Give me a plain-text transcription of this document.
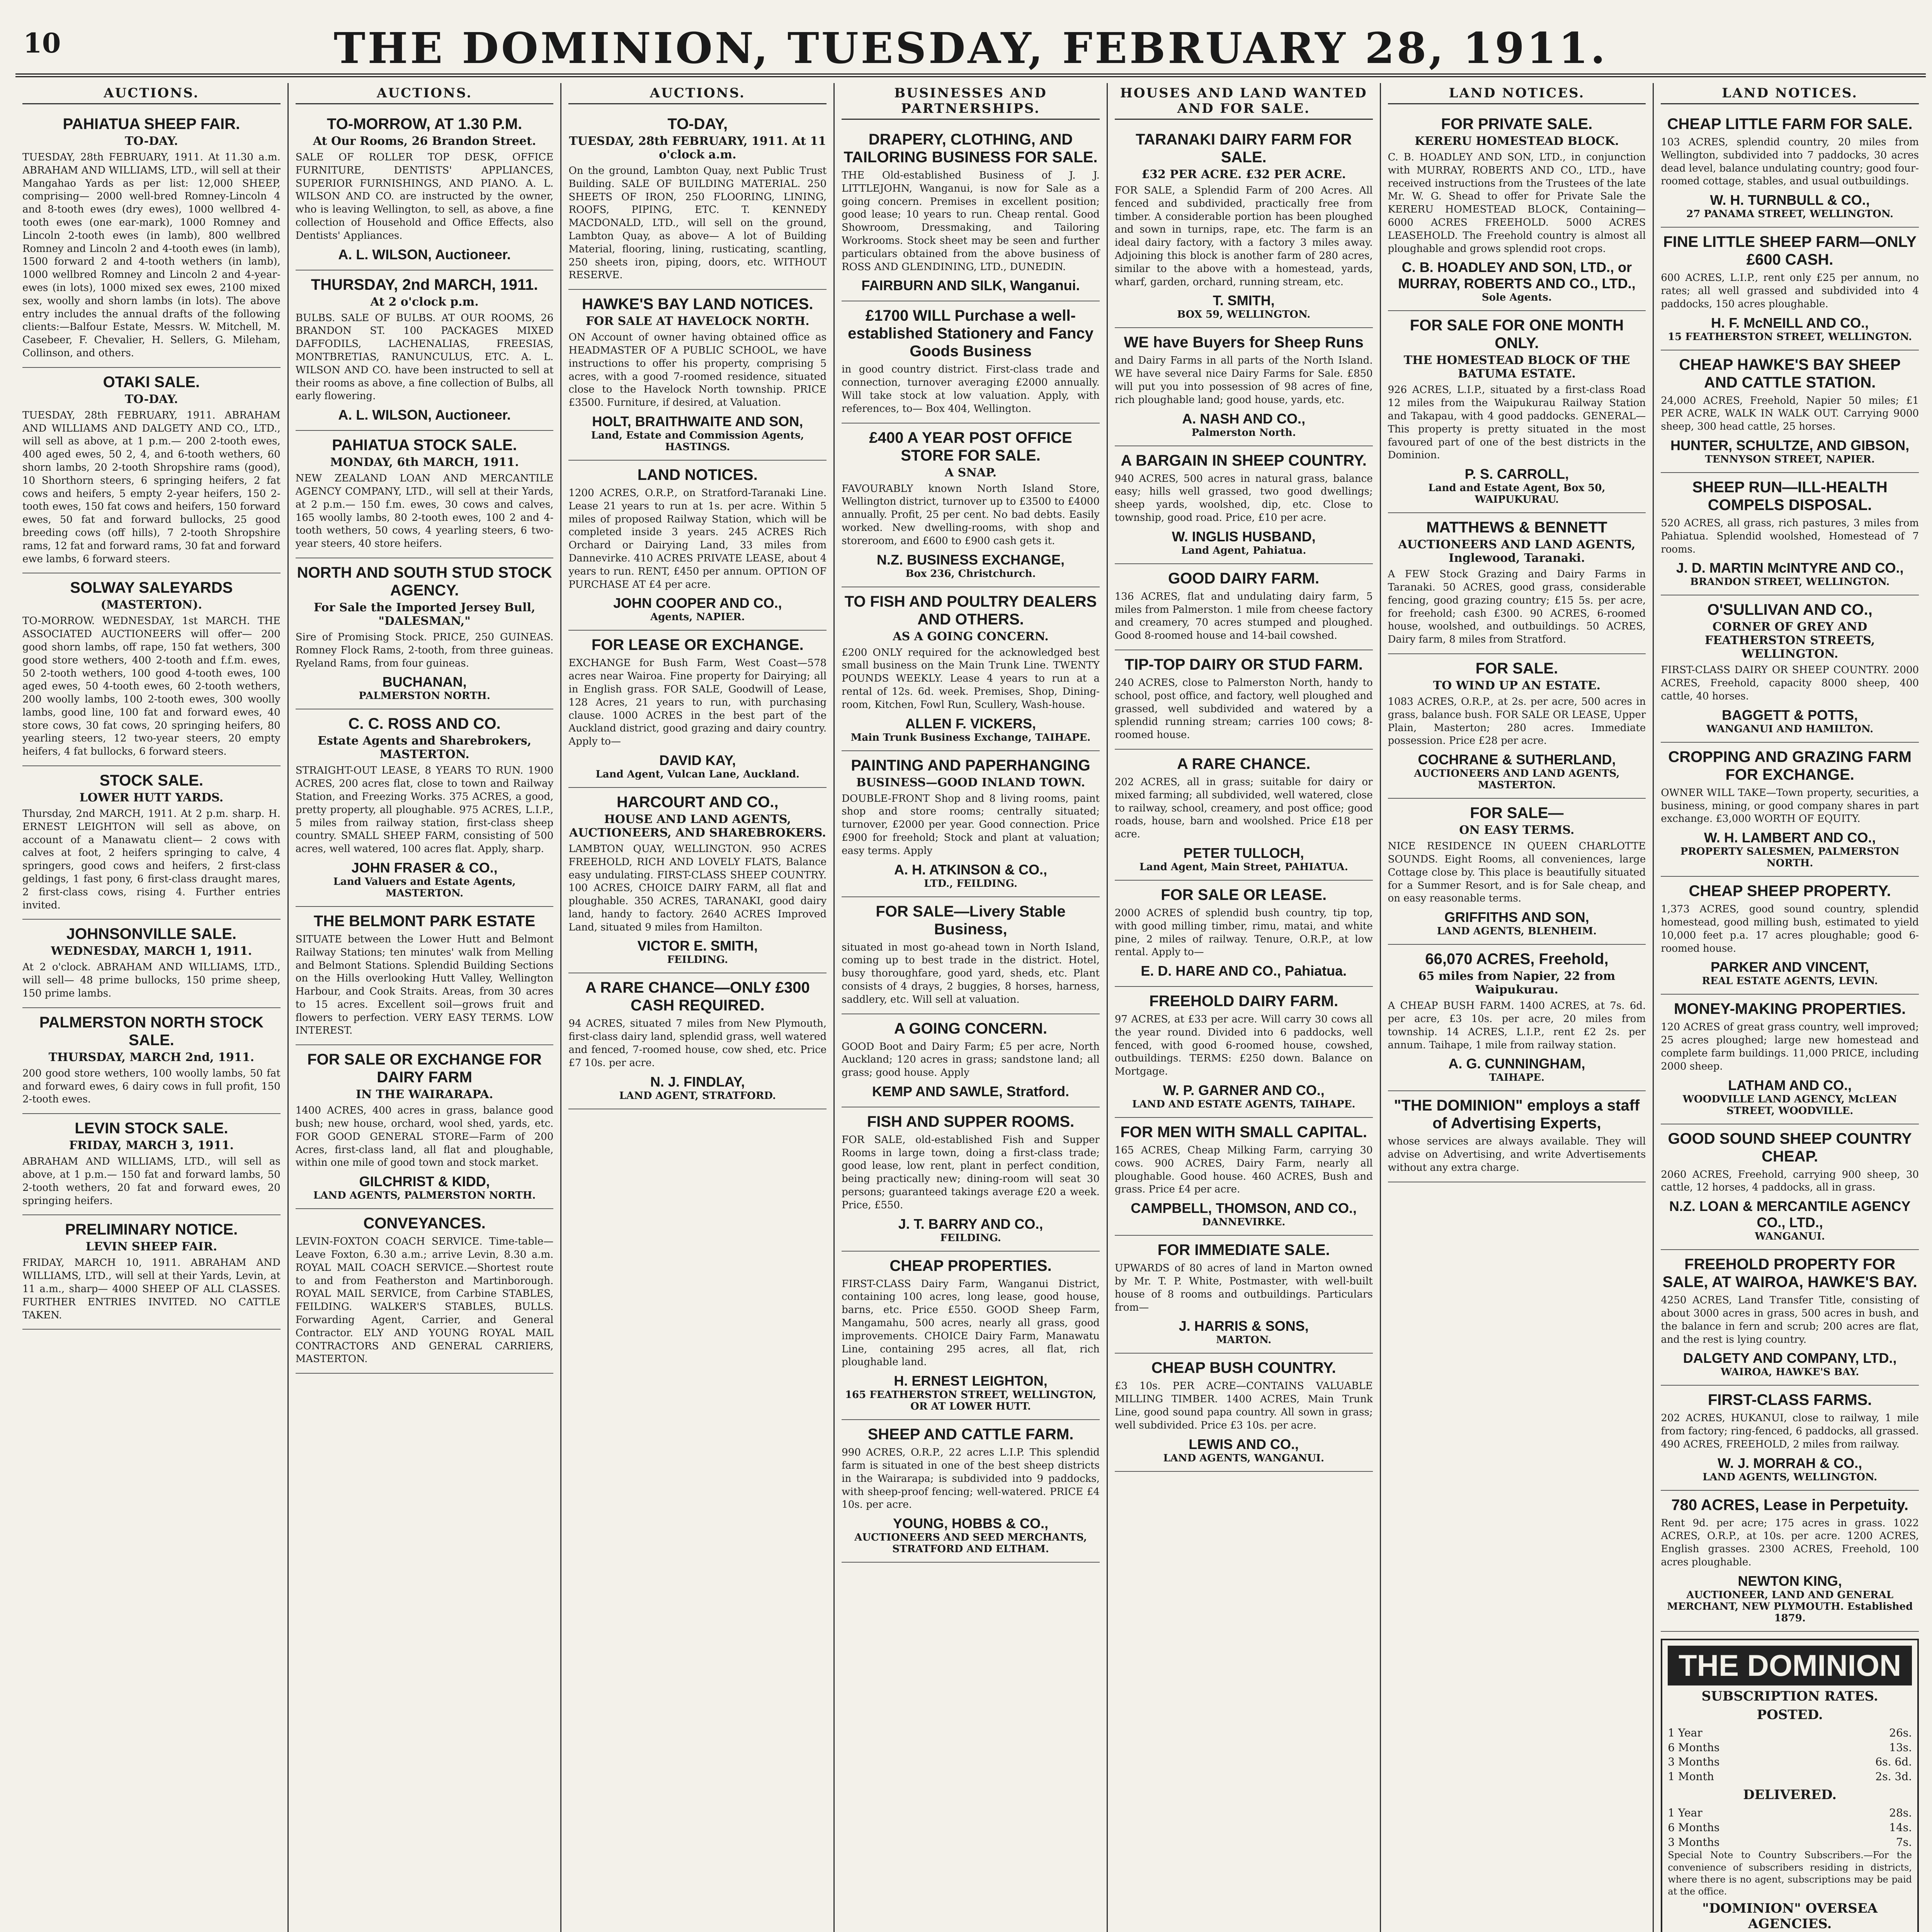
10	THE DOMINION, TUESDAY, FEBRUARY 28, 1911.
AUCTIONS.
PAHIATUA SHEEP FAIR.
TO-DAY.
TUESDAY, 28th FEBRUARY, 1911. At 11.30 a.m. ABRAHAM AND WILLIAMS, LTD., will sell at their Mangahao Yards as per list: 12,000 SHEEP, comprising— 2000 well-bred Romney-Lincoln 4 and 8-tooth ewes (dry ewes), 1000 wellbred 4-tooth ewes (one ear-mark), 1000 Romney and Lincoln 2-tooth ewes (in lamb), 800 wellbred Romney and Lincoln 2 and 4-tooth ewes (in lamb), 1500 forward 2 and 4-tooth wethers (in lamb), 1000 wellbred Romney and Lincoln 2 and 4-year-ewes (in lots), 1000 mixed sex ewes, 2100 mixed sex, woolly and shorn lambs (in lots). The above entry includes the annual drafts of the following clients:—Balfour Estate, Messrs. W. Mitchell, M. Casebeer, F. Chevalier, H. Sellers, G. Mileham, Collinson, and others.
OTAKI SALE.
TO-DAY.
TUESDAY, 28th FEBRUARY, 1911. ABRAHAM AND WILLIAMS AND DALGETY AND CO., LTD., will sell as above, at 1 p.m.— 200 2-tooth ewes, 400 aged ewes, 50 2, 4, and 6-tooth wethers, 60 shorn lambs, 20 2-tooth Shropshire rams (good), 10 Shorthorn steers, 6 springing heifers, 2 fat cows and heifers, 5 empty 2-year heifers, 150 2-tooth ewes, 150 fat cows and heifers, 150 forward ewes, 50 fat and forward bullocks, 25 good breeding cows (off hills), 7 2-tooth Shropshire rams, 12 fat and forward rams, 30 fat and forward ewe lambs, 6 forward steers.
SOLWAY SALEYARDS
(MASTERTON).
TO-MORROW. WEDNESDAY, 1st MARCH. THE ASSOCIATED AUCTIONEERS will offer— 200 good shorn lambs, off rape, 150 fat wethers, 300 good store wethers, 400 2-tooth and f.f.m. ewes, 50 2-tooth wethers, 100 good 4-tooth ewes, 100 aged ewes, 50 4-tooth ewes, 60 2-tooth wethers, 200 woolly lambs, 100 2-tooth ewes, 300 woolly lambs, good line, 100 fat and forward ewes, 40 store cows, 30 fat cows, 20 springing heifers, 80 yearling steers, 12 two-year steers, 20 empty heifers, 4 fat bullocks, 6 forward steers.
STOCK SALE.
LOWER HUTT YARDS.
Thursday, 2nd MARCH, 1911. At 2 p.m. sharp. H. ERNEST LEIGHTON will sell as above, on account of a Manawatu client— 2 cows with calves at foot, 2 heifers springing to calve, 4 springers, good cows and heifers, 2 first-class geldings, 1 fast pony, 6 first-class draught mares, 2 first-class cows, rising 4. Further entries invited.
JOHNSONVILLE SALE.
WEDNESDAY, MARCH 1, 1911.
At 2 o'clock. ABRAHAM AND WILLIAMS, LTD., will sell— 48 prime bullocks, 150 prime sheep, 150 prime lambs.
PALMERSTON NORTH STOCK SALE.
THURSDAY, MARCH 2nd, 1911.
200 good store wethers, 100 woolly lambs, 50 fat and forward ewes, 6 dairy cows in full profit, 150 2-tooth ewes.
LEVIN STOCK SALE.
FRIDAY, MARCH 3, 1911.
ABRAHAM AND WILLIAMS, LTD., will sell as above, at 1 p.m.— 150 fat and forward lambs, 50 2-tooth wethers, 20 fat and forward ewes, 20 springing heifers.
PRELIMINARY NOTICE.
LEVIN SHEEP FAIR.
FRIDAY, MARCH 10, 1911. ABRAHAM AND WILLIAMS, LTD., will sell at their Yards, Levin, at 11 a.m., sharp— 4000 SHEEP OF ALL CLASSES. FURTHER ENTRIES INVITED. NO CATTLE TAKEN.
AUCTIONS.
TO-MORROW, AT 1.30 P.M.
At Our Rooms, 26 Brandon Street.
SALE OF ROLLER TOP DESK, OFFICE FURNITURE, DENTISTS' APPLIANCES, SUPERIOR FURNISHINGS, AND PIANO. A. L. WILSON AND CO. are instructed by the owner, who is leaving Wellington, to sell, as above, a fine collection of Household and Office Effects, also Dentists' Appliances.
A. L. WILSON, Auctioneer.
THURSDAY, 2nd MARCH, 1911.
At 2 o'clock p.m.
BULBS. SALE OF BULBS. AT OUR ROOMS, 26 BRANDON ST. 100 PACKAGES MIXED DAFFODILS, LACHENALIAS, FREESIAS, MONTBRETIAS, RANUNCULUS, ETC. A. L. WILSON AND CO. have been instructed to sell at their rooms as above, a fine collection of Bulbs, all early flowering.
A. L. WILSON, Auctioneer.
PAHIATUA STOCK SALE.
MONDAY, 6th MARCH, 1911.
NEW ZEALAND LOAN AND MERCANTILE AGENCY COMPANY, LTD., will sell at their Yards, at 2 p.m.— 150 f.m. ewes, 30 cows and calves, 165 woolly lambs, 80 2-tooth ewes, 100 2 and 4-tooth wethers, 50 cows, 4 yearling steers, 6 two-year steers, 40 store heifers.
NORTH AND SOUTH STUD STOCK AGENCY.
For Sale the Imported Jersey Bull, "DALESMAN,"
Sire of Promising Stock. PRICE, 250 GUINEAS. Romney Flock Rams, 2-tooth, from three guineas. Ryeland Rams, from four guineas.
BUCHANAN,
PALMERSTON NORTH.
C. C. ROSS AND CO.
Estate Agents and Sharebrokers, MASTERTON.
STRAIGHT-OUT LEASE, 8 YEARS TO RUN. 1900 ACRES, 200 acres flat, close to town and Railway Station, and Freezing Works. 375 ACRES, a good, pretty property, all ploughable. 975 ACRES, L.I.P., 5 miles from railway station, first-class sheep country. SMALL SHEEP FARM, consisting of 500 acres, well watered, 100 acres flat. Apply, sharp.
JOHN FRASER & CO.,
Land Valuers and Estate Agents, MASTERTON.
THE BELMONT PARK ESTATE
SITUATE between the Lower Hutt and Belmont Railway Stations; ten minutes' walk from Melling and Belmont Stations. Splendid Building Sections on the Hills overlooking Hutt Valley, Wellington Harbour, and Cook Straits. Areas, from 30 acres to 15 acres. Excellent soil—grows fruit and flowers to perfection. VERY EASY TERMS. LOW INTEREST.
FOR SALE OR EXCHANGE FOR DAIRY FARM
IN THE WAIRARAPA.
1400 ACRES, 400 acres in grass, balance good bush; new house, orchard, wool shed, yards, etc. FOR GOOD GENERAL STORE—Farm of 200 Acres, first-class land, all flat and ploughable, within one mile of good town and stock market.
GILCHRIST & KIDD,
LAND AGENTS, PALMERSTON NORTH.
CONVEYANCES.
LEVIN-FOXTON COACH SERVICE. Time-table—Leave Foxton, 6.30 a.m.; arrive Levin, 8.30 a.m. ROYAL MAIL COACH SERVICE.—Shortest route to and from Featherston and Martinborough. ROYAL MAIL SERVICE, from Carbine STABLES, FEILDING. WALKER'S STABLES, BULLS. Forwarding Agent, Carrier, and General Contractor. ELY AND YOUNG ROYAL MAIL CONTRACTORS AND GENERAL CARRIERS, MASTERTON.
AUCTIONS.
TO-DAY,
TUESDAY, 28th FEBRUARY, 1911. At 11 o'clock a.m.
On the ground, Lambton Quay, next Public Trust Building. SALE OF BUILDING MATERIAL. 250 SHEETS OF IRON, 250 FLOORING, LINING, ROOFS, PIPING, ETC. T. KENNEDY MACDONALD, LTD., will sell on the ground, Lambton Quay, as above— A lot of Building Material, flooring, lining, rusticating, scantling, 250 sheets iron, piping, doors, etc. WITHOUT RESERVE.
HAWKE'S BAY LAND NOTICES.
FOR SALE AT HAVELOCK NORTH.
ON Account of owner having obtained office as HEADMASTER OF A PUBLIC SCHOOL, we have instructions to offer his property, comprising 5 acres, with a good 7-roomed residence, situated close to the Havelock North township. PRICE £3500. Furniture, if desired, at Valuation.
HOLT, BRAITHWAITE AND SON,
Land, Estate and Commission Agents, HASTINGS.
LAND NOTICES.
1200 ACRES, O.R.P., on Stratford-Taranaki Line. Lease 21 years to run at 1s. per acre. Within 5 miles of proposed Railway Station, which will be completed inside 3 years. 245 ACRES Rich Orchard or Dairying Land, 33 miles from Dannevirke. 410 ACRES PRIVATE LEASE, about 4 years to run. RENT, £450 per annum. OPTION OF PURCHASE AT £4 per acre.
JOHN COOPER AND CO.,
Agents, NAPIER.
FOR LEASE OR EXCHANGE.
EXCHANGE for Bush Farm, West Coast—578 acres near Wairoa. Fine property for Dairying; all in English grass. FOR SALE, Goodwill of Lease, 128 Acres, 21 years to run, with purchasing clause. 1000 ACRES in the best part of the Auckland district, good grazing and dairy country. Apply to—
DAVID KAY,
Land Agent, Vulcan Lane, Auckland.
HARCOURT AND CO.,
HOUSE AND LAND AGENTS, AUCTIONEERS, AND SHAREBROKERS.
LAMBTON QUAY, WELLINGTON. 950 ACRES FREEHOLD, RICH AND LOVELY FLATS, Balance easy undulating. FIRST-CLASS SHEEP COUNTRY. 100 ACRES, CHOICE DAIRY FARM, all flat and ploughable. 350 ACRES, TARANAKI, good dairy land, handy to factory. 2640 ACRES Improved Land, situated 9 miles from Hamilton.
VICTOR E. SMITH,
FEILDING.
A RARE CHANCE—ONLY £300 CASH REQUIRED.
94 ACRES, situated 7 miles from New Plymouth, first-class dairy land, splendid grass, well watered and fenced, 7-roomed house, cow shed, etc. Price £7 10s. per acre.
N. J. FINDLAY,
LAND AGENT, STRATFORD.
BUSINESSES AND PARTNERSHIPS.
DRAPERY, CLOTHING, AND TAILORING BUSINESS FOR SALE.
THE Old-established Business of J. J. LITTLEJOHN, Wanganui, is now for Sale as a going concern. Premises in excellent position; good lease; 10 years to run. Cheap rental. Good Showroom, Dressmaking, and Tailoring Workrooms. Stock sheet may be seen and further particulars obtained from the above business of ROSS AND GLENDINING, LTD., DUNEDIN.
FAIRBURN AND SILK, Wanganui.
£1700 WILL Purchase a well-established Stationery and Fancy Goods Business
in good country district. First-class trade and connection, turnover averaging £2000 annually. Will take stock at low valuation. Apply, with references, to— Box 404, Wellington.
£400 A YEAR POST OFFICE STORE FOR SALE.
A SNAP.
FAVOURABLY known North Island Store, Wellington district, turnover up to £3500 to £4000 annually. Profit, 25 per cent. No bad debts. Easily worked. New dwelling-rooms, with shop and storeroom, and £600 to £900 cash gets it.
N.Z. BUSINESS EXCHANGE,
Box 236, Christchurch.
TO FISH AND POULTRY DEALERS AND OTHERS.
AS A GOING CONCERN.
£200 ONLY required for the acknowledged best small business on the Main Trunk Line. TWENTY POUNDS WEEKLY. Lease 4 years to run at a rental of 12s. 6d. week. Premises, Shop, Dining-room, Kitchen, Fowl Run, Scullery, Wash-house.
ALLEN F. VICKERS,
Main Trunk Business Exchange, TAIHAPE.
PAINTING AND PAPERHANGING
BUSINESS—GOOD INLAND TOWN.
DOUBLE-FRONT Shop and 8 living rooms, paint shop and store rooms; centrally situated; turnover, £2000 per year. Good connection. Price £900 for freehold; Stock and plant at valuation; easy terms. Apply
A. H. ATKINSON & CO.,
LTD., FEILDING.
FOR SALE—Livery Stable Business,
situated in most go-ahead town in North Island, coming up to best trade in the district. Hotel, busy thoroughfare, good yard, sheds, etc. Plant consists of 4 drays, 2 buggies, 8 horses, harness, saddlery, etc. Will sell at valuation.
A GOING CONCERN.
GOOD Boot and Dairy Farm; £5 per acre, North Auckland; 120 acres in grass; sandstone land; all grass; good house. Apply
KEMP AND SAWLE, Stratford.
FISH AND SUPPER ROOMS.
FOR SALE, old-established Fish and Supper Rooms in large town, doing a first-class trade; good lease, low rent, plant in perfect condition, being practically new; dining-room will seat 30 persons; guaranteed takings average £20 a week. Price, £550.
J. T. BARRY AND CO.,
FEILDING.
CHEAP PROPERTIES.
FIRST-CLASS Dairy Farm, Wanganui District, containing 100 acres, long lease, good house, barns, etc. Price £550. GOOD Sheep Farm, Mangamahu, 500 acres, nearly all grass, good improvements. CHOICE Dairy Farm, Manawatu Line, containing 295 acres, all flat, rich ploughable land.
H. ERNEST LEIGHTON,
165 FEATHERSTON STREET, WELLINGTON, OR AT LOWER HUTT.
SHEEP AND CATTLE FARM.
990 ACRES, O.R.P., 22 acres L.I.P. This splendid farm is situated in one of the best sheep districts in the Wairarapa; is subdivided into 9 paddocks, with sheep-proof fencing; well-watered. PRICE £4 10s. per acre.
YOUNG, HOBBS & CO.,
AUCTIONEERS AND SEED MERCHANTS, STRATFORD AND ELTHAM.
HOUSES AND LAND WANTED AND FOR SALE.
TARANAKI DAIRY FARM FOR SALE.
£32 PER ACRE. £32 PER ACRE.
FOR SALE, a Splendid Farm of 200 Acres. All fenced and subdivided, practically free from timber. A considerable portion has been ploughed and sown in turnips, rape, etc. The farm is an ideal dairy factory, with a factory 3 miles away. Adjoining this block is another farm of 280 acres, similar to the above with a homestead, yards, wharf, garden, orchard, running stream, etc.
T. SMITH,
BOX 59, WELLINGTON.
WE have Buyers for Sheep Runs
and Dairy Farms in all parts of the North Island. WE have several nice Dairy Farms for Sale. £850 will put you into possession of 98 acres of fine, rich ploughable land; good house, yards, etc.
A. NASH AND CO.,
Palmerston North.
A BARGAIN IN SHEEP COUNTRY.
940 ACRES, 500 acres in natural grass, balance easy; hills well grassed, two good dwellings; sheep yards, woolshed, dip, etc. Close to township, good road. Price, £10 per acre.
W. INGLIS HUSBAND,
Land Agent, Pahiatua.
GOOD DAIRY FARM.
136 ACRES, flat and undulating dairy farm, 5 miles from Palmerston. 1 mile from cheese factory and creamery, 70 acres stumped and ploughed. Good 8-roomed house and 14-bail cowshed.
TIP-TOP DAIRY OR STUD FARM.
240 ACRES, close to Palmerston North, handy to school, post office, and factory, well ploughed and grassed, well subdivided and watered by a splendid running stream; carries 100 cows; 8-roomed house.
A RARE CHANCE.
202 ACRES, all in grass; suitable for dairy or mixed farming; all subdivided, well watered, close to railway, school, creamery, and post office; good roads, house, barn and woolshed. Price £18 per acre.
PETER TULLOCH,
Land Agent, Main Street, PAHIATUA.
FOR SALE OR LEASE.
2000 ACRES of splendid bush country, tip top, with good milling timber, rimu, matai, and white pine, 2 miles of railway. Tenure, O.R.P., at low rental. Apply to—
E. D. HARE AND CO., Pahiatua.
FREEHOLD DAIRY FARM.
97 ACRES, at £33 per acre. Will carry 30 cows all the year round. Divided into 6 paddocks, well fenced, with good 6-roomed house, cowshed, outbuildings. TERMS: £250 down. Balance on Mortgage.
W. P. GARNER AND CO.,
LAND AND ESTATE AGENTS, TAIHAPE.
FOR MEN WITH SMALL CAPITAL.
165 ACRES, Cheap Milking Farm, carrying 30 cows. 900 ACRES, Dairy Farm, nearly all ploughable. Good house. 460 ACRES, Bush and grass. Price £4 per acre.
CAMPBELL, THOMSON, AND CO.,
DANNEVIRKE.
FOR IMMEDIATE SALE.
UPWARDS of 80 acres of land in Marton owned by Mr. T. P. White, Postmaster, with well-built house of 8 rooms and outbuildings. Particulars from—
J. HARRIS & SONS,
MARTON.
CHEAP BUSH COUNTRY.
£3 10s. PER ACRE—CONTAINS VALUABLE MILLING TIMBER. 1400 ACRES, Main Trunk Line, good sound papa country. All sown in grass; well subdivided. Price £3 10s. per acre.
LEWIS AND CO.,
LAND AGENTS, WANGANUI.
LAND NOTICES.
FOR PRIVATE SALE.
KERERU HOMESTEAD BLOCK.
C. B. HOADLEY AND SON, LTD., in conjunction with MURRAY, ROBERTS AND CO., LTD., have received instructions from the Trustees of the late Mr. W. G. Shead to offer for Private Sale the KERERU HOMESTEAD BLOCK, Containing— 6000 ACRES FREEHOLD. 5000 ACRES LEASEHOLD. The Freehold country is almost all ploughable and grows splendid root crops.
C. B. HOADLEY AND SON, LTD., or MURRAY, ROBERTS AND CO., LTD.,
Sole Agents.
FOR SALE FOR ONE MONTH ONLY.
THE HOMESTEAD BLOCK OF THE BATUMA ESTATE.
926 ACRES, L.I.P., situated by a first-class Road 12 miles from the Waipukurau Railway Station and Takapau, with 4 good paddocks. GENERAL—This property is pretty situated in the most favoured part of one of the best districts in the Dominion.
P. S. CARROLL,
Land and Estate Agent, Box 50, WAIPUKURAU.
MATTHEWS & BENNETT
AUCTIONEERS AND LAND AGENTS, Inglewood, Taranaki.
A FEW Stock Grazing and Dairy Farms in Taranaki. 50 ACRES, good grass, considerable fencing, good grazing country; £15 5s. per acre, for freehold; cash £300. 90 ACRES, 6-roomed house, woolshed, and outbuildings. 50 ACRES, Dairy farm, 8 miles from Stratford.
FOR SALE.
TO WIND UP AN ESTATE.
1083 ACRES, O.R.P., at 2s. per acre, 500 acres in grass, balance bush. FOR SALE OR LEASE, Upper Plain, Masterton; 280 acres. Immediate possession. Price £28 per acre.
COCHRANE & SUTHERLAND,
AUCTIONEERS AND LAND AGENTS, MASTERTON.
FOR SALE—
ON EASY TERMS.
NICE RESIDENCE IN QUEEN CHARLOTTE SOUNDS. Eight Rooms, all conveniences, large Cottage close by. This place is beautifully situated for a Summer Resort, and is for Sale cheap, and on easy reasonable terms.
GRIFFITHS AND SON,
LAND AGENTS, BLENHEIM.
66,070 ACRES, Freehold,
65 miles from Napier, 22 from Waipukurau.
A CHEAP BUSH FARM. 1400 ACRES, at 7s. 6d. per acre, £3 10s. per acre, 20 miles from township. 14 ACRES, L.I.P., rent £2 2s. per annum. Taihape, 1 mile from railway station.
A. G. CUNNINGHAM,
TAIHAPE.
"THE DOMINION" employs a staff of Advertising Experts,
whose services are always available. They will advise on Advertising, and write Advertisements without any extra charge.
LAND NOTICES.
CHEAP LITTLE FARM FOR SALE.
103 ACRES, splendid country, 20 miles from Wellington, subdivided into 7 paddocks, 30 acres dead level, balance undulating country; good four-roomed cottage, stables, and usual outbuildings.
W. H. TURNBULL & CO.,
27 PANAMA STREET, WELLINGTON.
FINE LITTLE SHEEP FARM—ONLY £600 CASH.
600 ACRES, L.I.P., rent only £25 per annum, no rates; all well grassed and subdivided into 4 paddocks, 150 acres ploughable.
H. F. McNEILL AND CO.,
15 FEATHERSTON STREET, WELLINGTON.
CHEAP HAWKE'S BAY SHEEP AND CATTLE STATION.
24,000 ACRES, Freehold, Napier 50 miles; £1 PER ACRE, WALK IN WALK OUT. Carrying 9000 sheep, 300 head cattle, 25 horses.
HUNTER, SCHULTZE, AND GIBSON,
TENNYSON STREET, NAPIER.
SHEEP RUN—ILL-HEALTH COMPELS DISPOSAL.
520 ACRES, all grass, rich pastures, 3 miles from Pahiatua. Splendid woolshed, Homestead of 7 rooms.
J. D. MARTIN McINTYRE AND CO.,
BRANDON STREET, WELLINGTON.
O'SULLIVAN AND CO.,
CORNER OF GREY AND FEATHERSTON STREETS, WELLINGTON.
FIRST-CLASS DAIRY OR SHEEP COUNTRY. 2000 ACRES, Freehold, capacity 8000 sheep, 400 cattle, 40 horses.
BAGGETT & POTTS,
WANGANUI AND HAMILTON.
CROPPING AND GRAZING FARM FOR EXCHANGE.
OWNER WILL TAKE—Town property, securities, a business, mining, or good company shares in part exchange. £3,000 WORTH OF EQUITY.
W. H. LAMBERT AND CO.,
PROPERTY SALESMEN, PALMERSTON NORTH.
CHEAP SHEEP PROPERTY.
1,373 ACRES, good sound country, splendid homestead, good milling bush, estimated to yield 10,000 feet p.a. 17 acres ploughable; good 6-roomed house.
PARKER AND VINCENT,
REAL ESTATE AGENTS, LEVIN.
MONEY-MAKING PROPERTIES.
120 ACRES of great grass country, well improved; 25 acres ploughed; large new homestead and complete farm buildings. 11,000 PRICE, including 2000 sheep.
LATHAM AND CO.,
WOODVILLE LAND AGENCY, McLEAN STREET, WOODVILLE.
GOOD SOUND SHEEP COUNTRY CHEAP.
2060 ACRES, Freehold, carrying 900 sheep, 30 cattle, 12 horses, 4 paddocks, all in grass.
N.Z. LOAN & MERCANTILE AGENCY CO., LTD.,
WANGANUI.
FREEHOLD PROPERTY FOR SALE, AT WAIROA, HAWKE'S BAY.
4250 ACRES, Land Transfer Title, consisting of about 3000 acres in grass, 500 acres in bush, and the balance in fern and scrub; 200 acres are flat, and the rest is lying country.
DALGETY AND COMPANY, LTD.,
WAIROA, HAWKE'S BAY.
FIRST-CLASS FARMS.
202 ACRES, HUKANUI, close to railway, 1 mile from factory; ring-fenced, 6 paddocks, all grassed. 490 ACRES, FREEHOLD, 2 miles from railway.
W. J. MORRAH & CO.,
LAND AGENTS, WELLINGTON.
780 ACRES, Lease in Perpetuity.
Rent 9d. per acre; 175 acres in grass. 1022 ACRES, O.R.P., at 10s. per acre. 1200 ACRES, English grasses. 2300 ACRES, Freehold, 100 acres ploughable.
NEWTON KING,
AUCTIONEER, LAND AND GENERAL MERCHANT, NEW PLYMOUTH. Established 1879.
THE DOMINION
SUBSCRIPTION RATES.
POSTED.
1 Year	26s.
6 Months	13s.
3 Months	6s. 6d.
1 Month	2s. 3d.
DELIVERED.
1 Year	28s.
6 Months	14s.
3 Months	7s.
Special Note to Country Subscribers.—For the convenience of subscribers residing in districts, where there is no agent, subscriptions may be paid at the office.
"DOMINION" OVERSEA AGENCIES.
